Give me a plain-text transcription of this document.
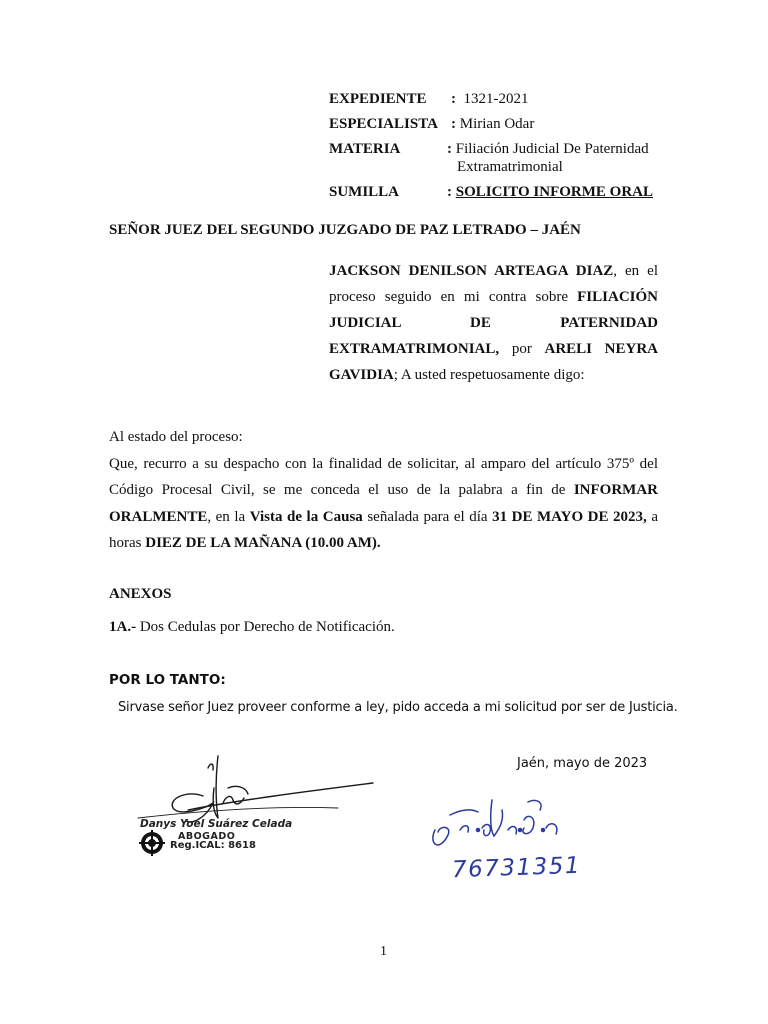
EXPEDIENTE :  1321-2021
ESPECIALISTA : Mirian Odar
MATERIA	: Filiación Judicial De Paternidad
Extramatrimonial
SUMILLA	: SOLICITO INFORME ORAL
SEÑOR JUEZ DEL SEGUNDO JUZGADO DE PAZ LETRADO – JAÉN
JACKSON DENILSON ARTEAGA DIAZ, en el proceso seguido en mi contra sobre FILIACIÓN JUDICIAL DE PATERNIDAD EXTRAMATRIMONIAL, por ARELI NEYRA GAVIDIA; A usted respetuosamente digo:
Al estado del proceso:
Que, recurro a su despacho con la finalidad de solicitar, al amparo del artículo 375º del Código Procesal Civil, se me conceda el uso de la palabra a fin de INFORMAR ORALMENTE, en la Vista de la Causa señalada para el día 31 DE MAYO DE 2023, a horas DIEZ DE LA MAÑANA (10.00 AM).
ANEXOS
1A.- Dos Cedulas por Derecho de Notificación.
POR LO TANTO:
Sirvase señor Juez proveer conforme a ley, pido acceda a mi solicitud por ser de Justicia.
Jaén, mayo de 2023
Danys Yoel Suárez Celada
ABOGADO
Reg.ICAL: 8618
76731351
1
